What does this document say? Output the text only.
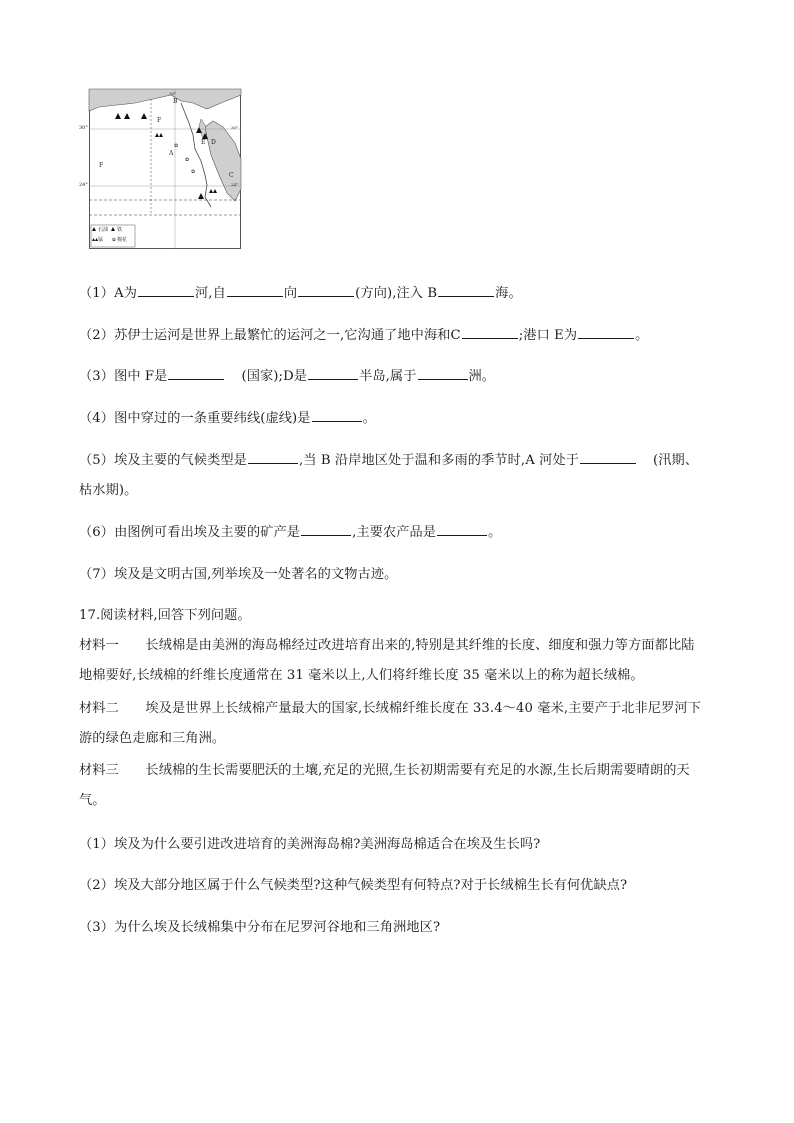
✿
✿
✿
✿
石油 铁
锰	棉花
B
F
F
A
D
E
C
30°
24°
30°
30°
24°
（1）A为	河,自	向	(方向),注入 B	海。
（2）苏伊士运河是世界上最繁忙的运河之一,它沟通了地中海和C	;港口 E为	。
（3）图中 F是	(国家);D是	半岛,属于	洲。
（4）图中穿过的一条重要纬线(虚线)是	。
（5）埃及主要的气候类型是	,当 B 沿岸地区处于温和多雨的季节时,A 河处于	(汛期、
枯水期)。
（6）由图例可看出埃及主要的矿产是	,主要农产品是	。
（7）埃及是文明古国,列举埃及一处著名的文物古迹。
17.阅读材料,回答下列问题。
材料一　　长绒棉是由美洲的海岛棉经过改进培育出来的,特别是其纤维的长度、细度和强力等方面都比陆
地棉要好,长绒棉的纤维长度通常在 31 毫米以上,人们将纤维长度 35 毫米以上的称为超长绒棉。
材料二　　埃及是世界上长绒棉产量最大的国家,长绒棉纤维长度在 33.4～40 毫米,主要产于北非尼罗河下
游的绿色走廊和三角洲。
材料三　　长绒棉的生长需要肥沃的土壤,充足的光照,生长初期需要有充足的水源,生长后期需要晴朗的天
气。
（1）埃及为什么要引进改进培育的美洲海岛棉?美洲海岛棉适合在埃及生长吗?
（2）埃及大部分地区属于什么气候类型?这种气候类型有何特点?对于长绒棉生长有何优缺点?
（3）为什么埃及长绒棉集中分布在尼罗河谷地和三角洲地区?
